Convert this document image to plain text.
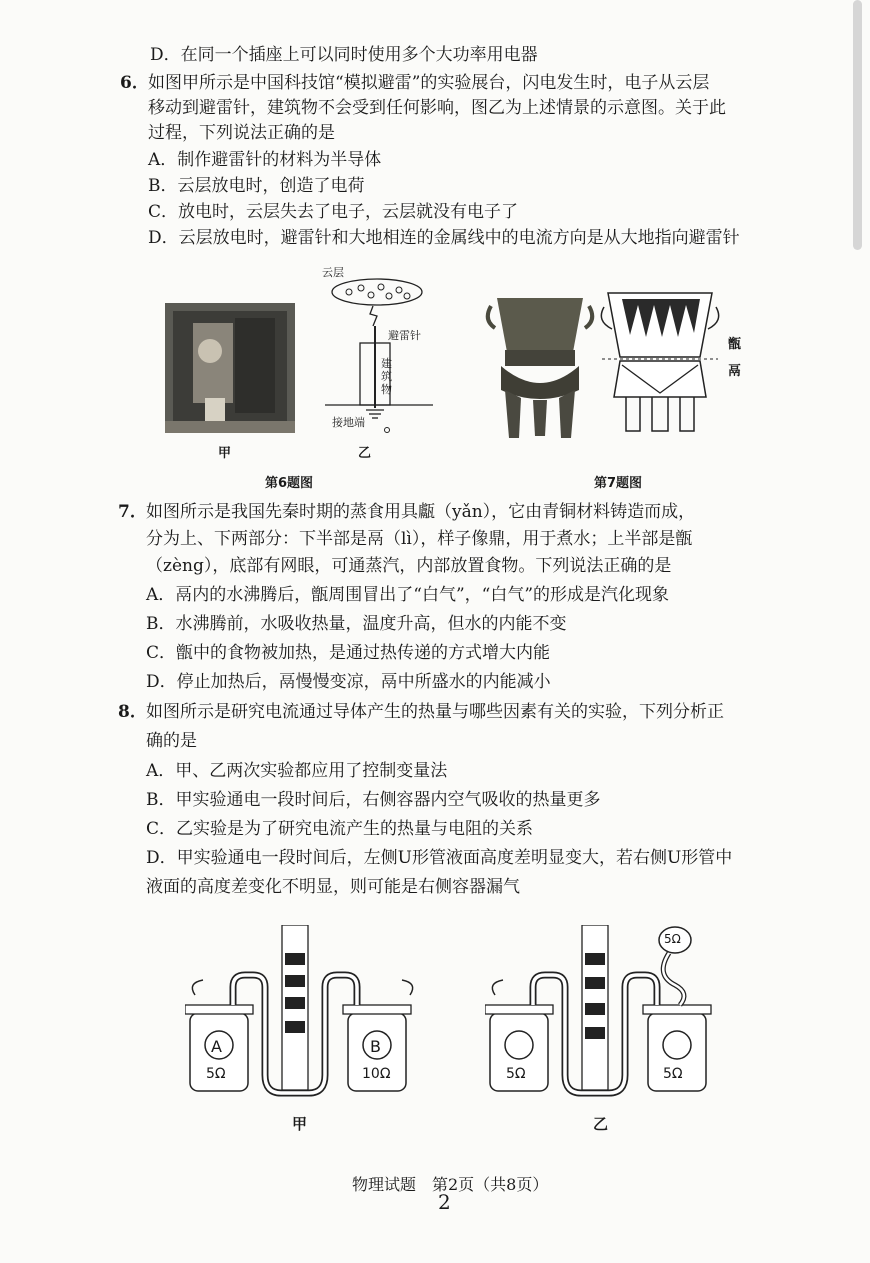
D．在同一个插座上可以同时使用多个大功率用电器
6． 如图甲所示是中国科技馆“模拟避雷”的实验展台，闪电发生时，电子从云层
移动到避雷针，建筑物不会受到任何影响，图乙为上述情景的示意图。关于此
过程，下列说法正确的是
A．制作避雷针的材料为半导体
B．云层放电时，创造了电荷
C．放电时，云层失去了电子，云层就没有电子了
D．云层放电时，避雷针和大地相连的金属线中的电流方向是从大地指向避雷针
甲
云层
避雷针
建筑物
接地端
乙
第6题图
甑
鬲
第7题图
7． 如图所示是我国先秦时期的蒸食用具甗（yǎn），它由青铜材料铸造而成，
分为上、下两部分：下半部是鬲（lì），样子像鼎，用于煮水；上半部是甑
（zèng），底部有网眼，可通蒸汽，内部放置食物。下列说法正确的是
A．鬲内的水沸腾后，甑周围冒出了“白气”，“白气”的形成是汽化现象
B．水沸腾前，水吸收热量，温度升高，但水的内能不变
C．甑中的食物被加热，是通过热传递的方式增大内能
D．停止加热后，鬲慢慢变凉，鬲中所盛水的内能减小
8． 如图所示是研究电流通过导体产生的热量与哪些因素有关的实验，下列分析正
确的是
A．甲、乙两次实验都应用了控制变量法
B．甲实验通电一段时间后，右侧容器内空气吸收的热量更多
C．乙实验是为了研究电流产生的热量与电阻的关系
D．甲实验通电一段时间后，左侧U形管液面高度差明显变大，若右侧U形管中
液面的高度差变化不明显，则可能是右侧容器漏气
A
5Ω
B
10Ω
甲
5Ω
5Ω	5Ω
乙
物理试题　第2页（共8页）
2
